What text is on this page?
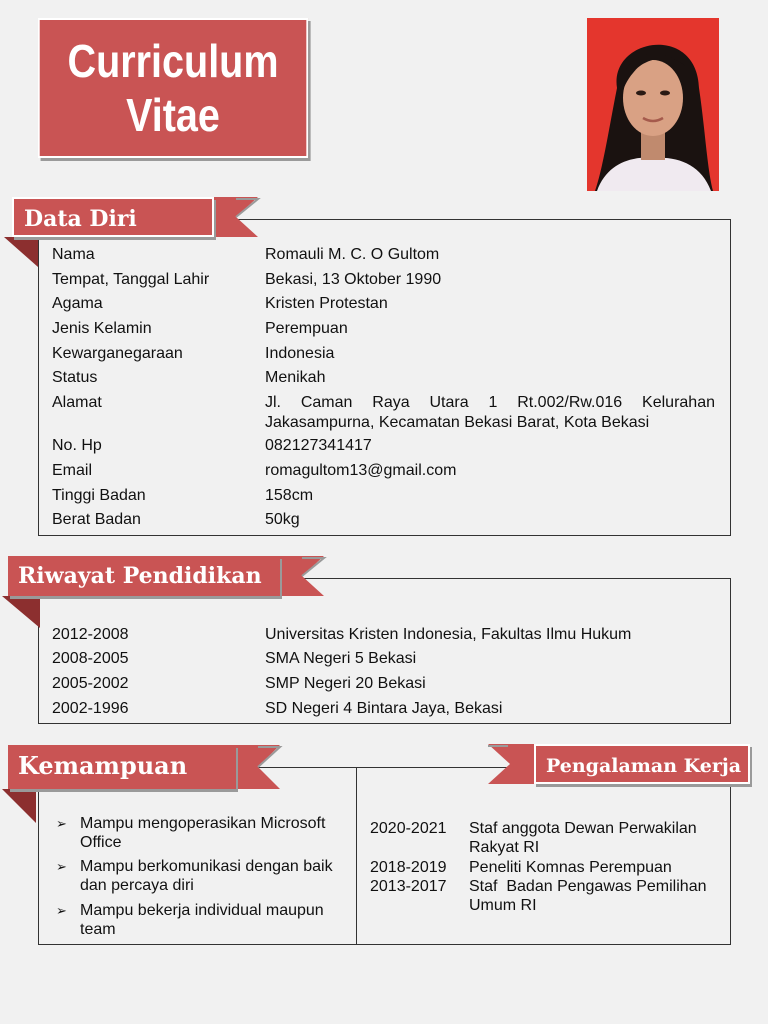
Curriculum
Vitae
Data Diri
Nama	Romauli M. C. O Gultom
Tempat, Tanggal Lahir	Bekasi, 13 Oktober 1990
Agama	Kristen Protestan
Jenis Kelamin	Perempuan
Kewarganegaraan	Indonesia
Status	Menikah
Alamat	Jl. Caman Raya Utara 1 Rt.002/Rw.016 Kelurahan Jakasampurna, Kecamatan Bekasi Barat, Kota Bekasi
No. Hp	082127341417
Email	romagultom13@gmail.com
Tinggi Badan	158cm
Berat Badan	50kg
Riwayat Pendidikan
2012-2008	Universitas Kristen Indonesia, Fakultas Ilmu Hukum
2008-2005	SMA Negeri 5 Bekasi
2005-2002	SMP Negeri 20 Bekasi
2002-1996	SD Negeri 4 Bintara Jaya, Bekasi
Kemampuan	Pengalaman Kerja
➢ Mampu mengoperasikan Microsoft Office
➢ Mampu berkomunikasi dengan baik dan percaya diri
➢ Mampu bekerja individual maupun team
2020-2021	Staf anggota Dewan Perwakilan Rakyat RI
2018-2019	Peneliti Komnas Perempuan
2013-2017	Staf  Badan Pengawas Pemilihan Umum RI
